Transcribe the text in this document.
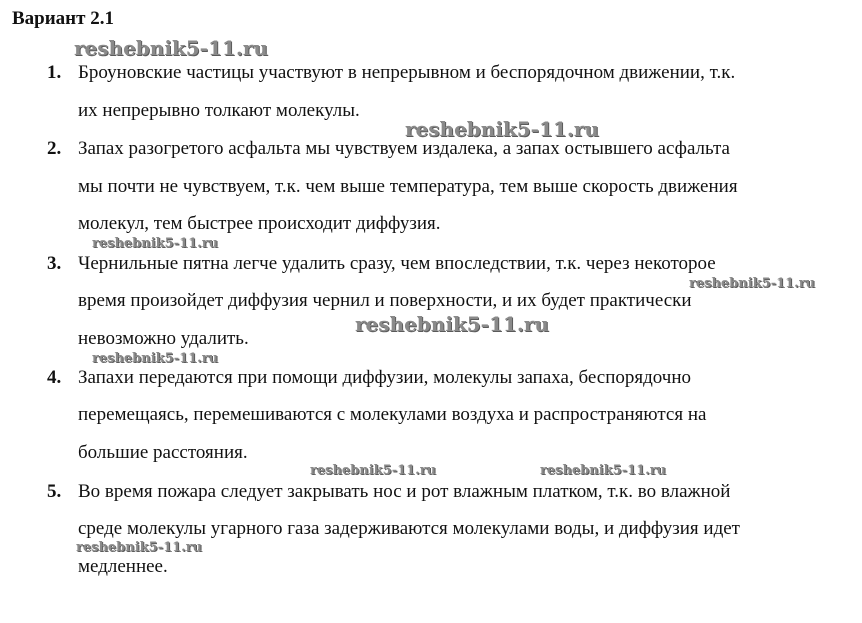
Вариант 2.1
1. Броуновские частицы участвуют в непрерывном и беспорядочном движении, т.к.
их непрерывно толкают молекулы.
2. Запах разогретого асфальта мы чувствуем издалека, а запах остывшего асфальта
мы почти не чувствуем, т.к. чем выше температура, тем выше скорость движения
молекул, тем быстрее происходит диффузия.
3. Чернильные пятна легче удалить сразу, чем впоследствии, т.к. через некоторое
время произойдет диффузия чернил и поверхности, и их будет практически
невозможно удалить.
4. Запахи передаются при помощи диффузии, молекулы запаха, беспорядочно
перемещаясь, перемешиваются с молекулами воздуха и распространяются на
большие расстояния.
5. Во время пожара следует закрывать нос и рот влажным платком, т.к. во влажной
среде молекулы угарного газа задерживаются молекулами воды, и диффузия идет
медленнее.
reshebnik5-11.ru
reshebnik5-11.ru
reshebnik5-11.ru
reshebnik5-11.ru
reshebnik5-11.ru
reshebnik5-11.ru
reshebnik5-11.ru	reshebnik5-11.ru
reshebnik5-11.ru
